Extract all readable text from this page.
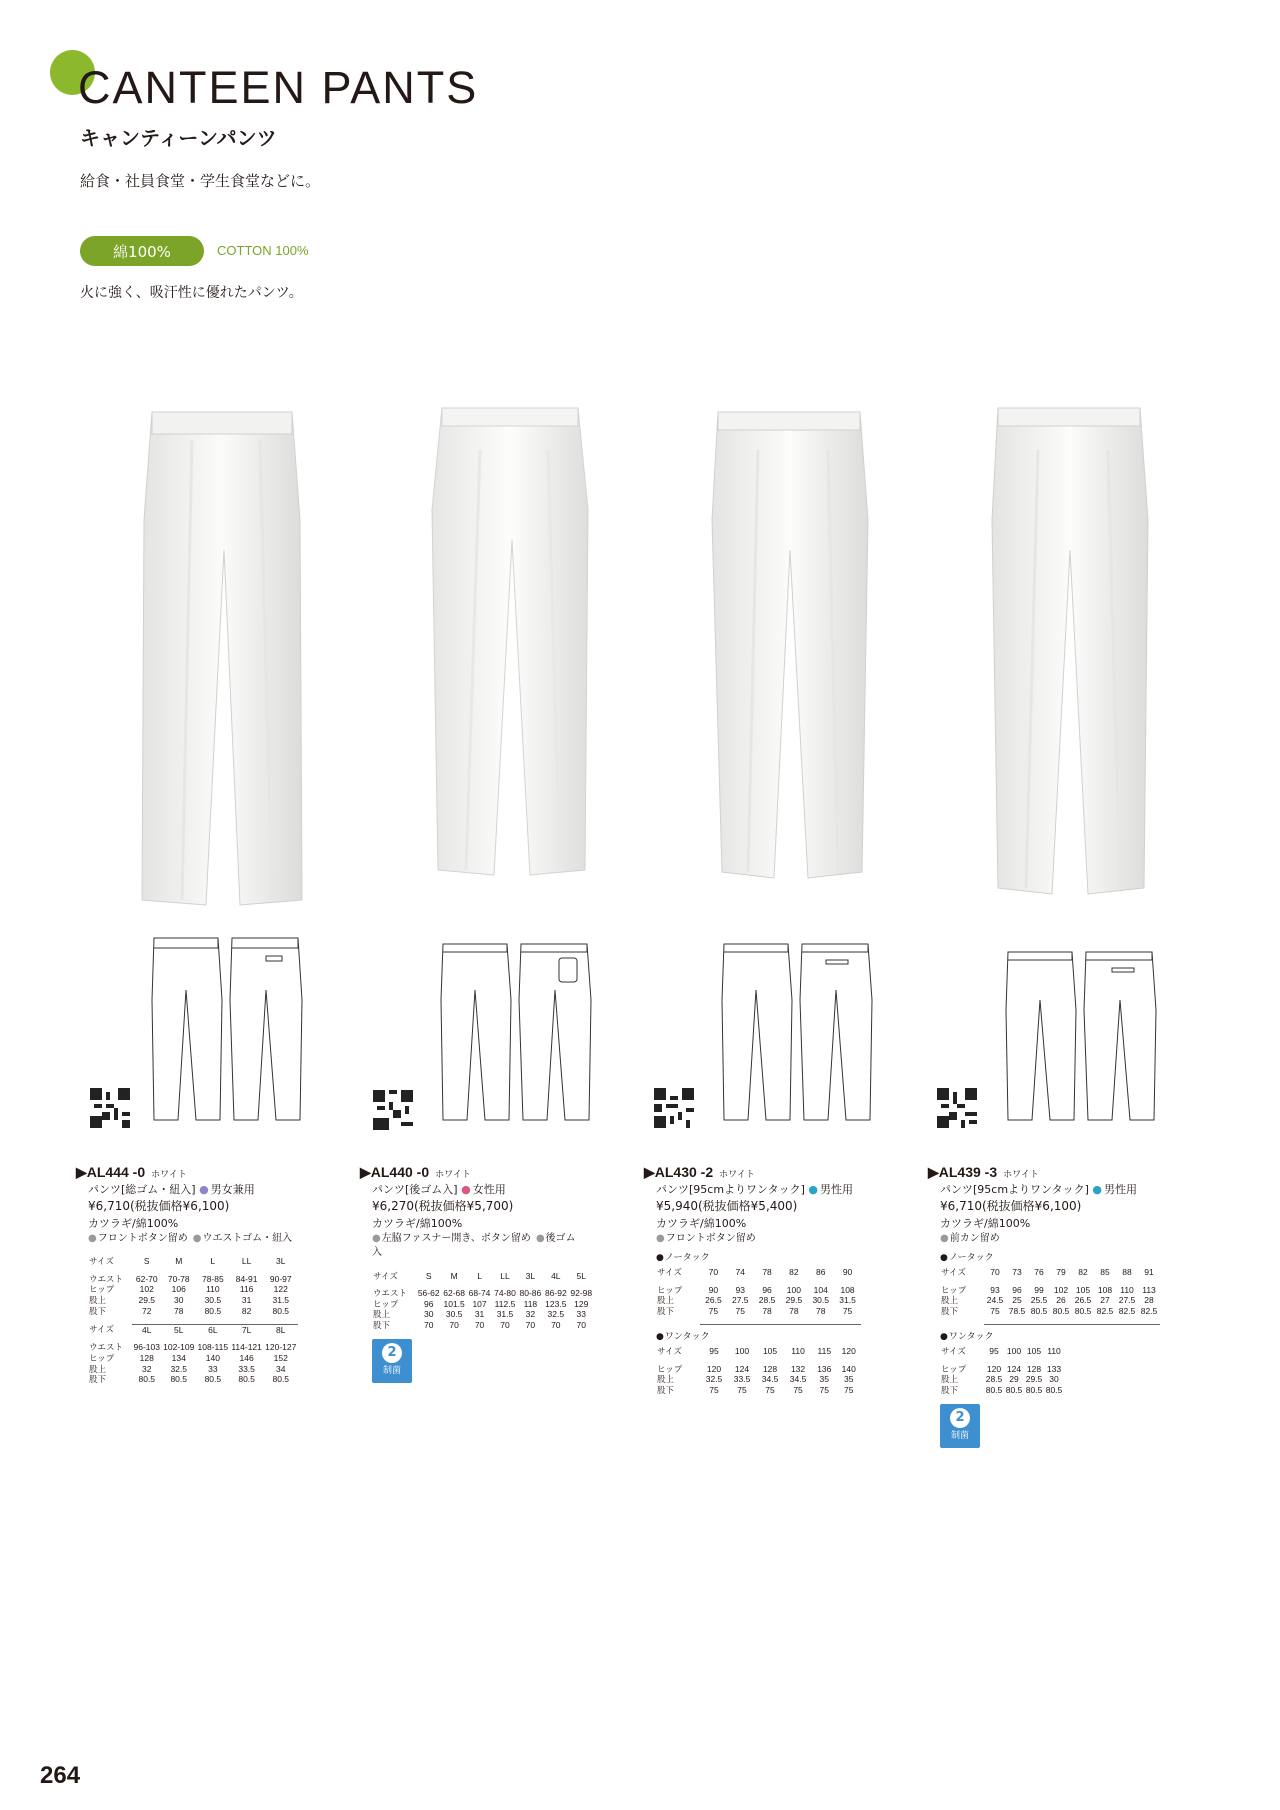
CANTEEN PANTS
キャンティーンパンツ
給食・社員食堂・学生食堂などに。
綿100%	COTTON 100%
火に強く、吸汗性に優れたパンツ。
▶AL444 -0 ホワイト
パンツ[総ゴム・紐入] ● 男女兼用
¥6,710(税抜価格¥6,100)
カツラギ/綿100%
● フロントボタン留め ● ウエストゴム・紐入
サイズ	S	M	L	LL	3L
ウエスト	62-70	70-78	78-85	84-91	90-97
ヒップ	102	106	110	116	122
股上	29.5	30	30.5	31	31.5
股下	72	78	80.5	82	80.5

サイズ	4L	5L	6L	7L	8L
ウエスト	96-103	102-109	108-115	114-121	120-127
ヒップ	128	134	140	146	152
股上	32	32.5	33	33.5	34
股下	80.5	80.5	80.5	80.5	80.5
▶AL440 -0 ホワイト
パンツ[後ゴム入] ● 女性用
¥6,270(税抜価格¥5,700)
カツラギ/綿100%
● 左脇ファスナー開き、ボタン留め ● 後ゴム入
サイズ	S	M	L	LL	3L	4L	5L
ウエスト	56-62	62-68	68-74	74-80	80-86	86-92	92-98
ヒップ	96	101.5	107	112.5	118	123.5	129
股上	30	30.5	31	31.5	32	32.5	33
股下	70	70	70	70	70	70	70
2
制菌
▶AL430 -2 ホワイト
パンツ[95cmよりワンタック] ● 男性用
¥5,940(税抜価格¥5,400)
カツラギ/綿100%
● フロントボタン留め
● ノータック
サイズ	70	74	78	82	86	90
ヒップ	90	93	96	100	104	108
股上	26.5	27.5	28.5	29.5	30.5	31.5
股下	75	75	78	78	78	75

● ワンタック
サイズ	95	100	105	110	115	120
ヒップ	120	124	128	132	136	140
股上	32.5	33.5	34.5	34.5	35	35
股下	75	75	75	75	75	75
▶AL439 -3 ホワイト
パンツ[95cmよりワンタック] ● 男性用
¥6,710(税抜価格¥6,100)
カツラギ/綿100%
● 前カン留め
● ノータック
サイズ	70	73	76	79	82	85	88	91
ヒップ	93	96	99	102	105	108	110	113
股上	24.5	25	25.5	26	26.5	27	27.5	28
股下	75	78.5	80.5	80.5	80.5	82.5	82.5	82.5

● ワンタック
サイズ	95	100	105	110
ヒップ	120	124	128	133
股上	28.5	29	29.5	30
股下	80.5	80.5	80.5	80.5
2
制菌
264
